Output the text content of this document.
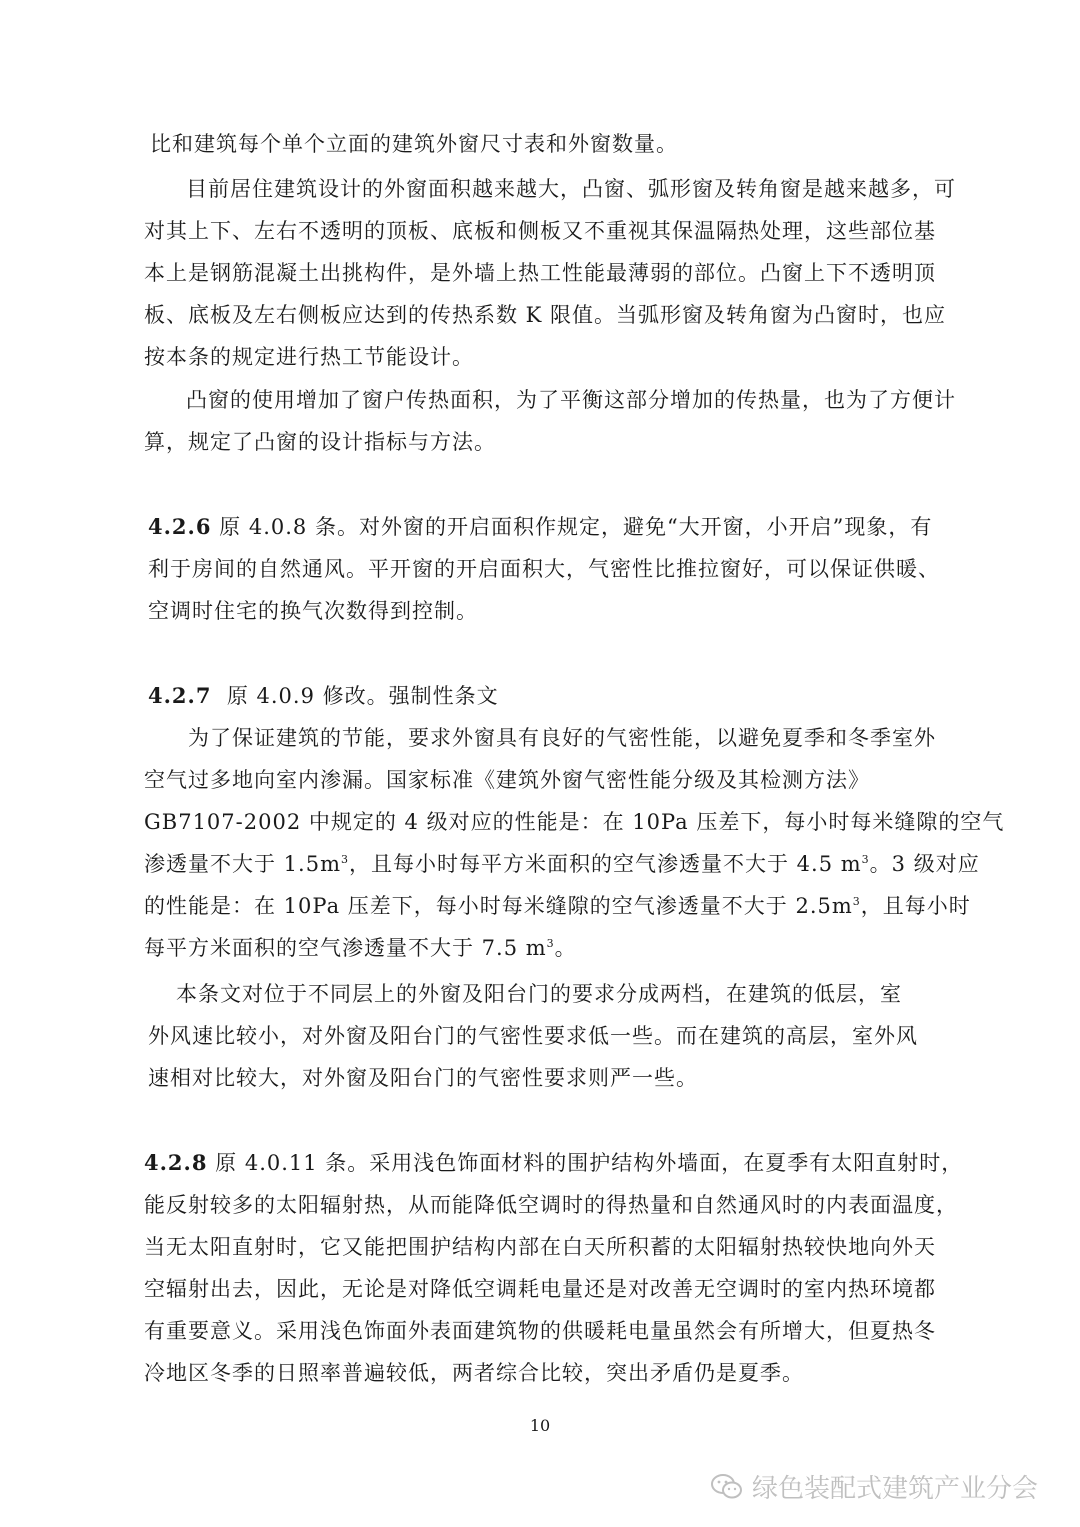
比和建筑每个单个立面的建筑外窗尺寸表和外窗数量。
目前居住建筑设计的外窗面积越来越大，凸窗、弧形窗及转角窗是越来越多，可
对其上下、左右不透明的顶板、底板和侧板又不重视其保温隔热处理，这些部位基
本上是钢筋混凝土出挑构件，是外墙上热工性能最薄弱的部位。凸窗上下不透明顶
板、底板及左右侧板应达到的传热系数 K 限值。当弧形窗及转角窗为凸窗时，也应
按本条的规定进行热工节能设计。
凸窗的使用增加了窗户传热面积，为了平衡这部分增加的传热量，也为了方便计
算，规定了凸窗的设计指标与方法。
4.2.6 原 4.0.8 条。对外窗的开启面积作规定，避免“大开窗，小开启”现象，有
利于房间的自然通风。平开窗的开启面积大，气密性比推拉窗好，可以保证供暖、
空调时住宅的换气次数得到控制。
4.2.7 原 4.0.9 修改。强制性条文
为了保证建筑的节能，要求外窗具有良好的气密性能，以避免夏季和冬季室外
空气过多地向室内渗漏。国家标准《建筑外窗气密性能分级及其检测方法》
GB7107-2002 中规定的 4 级对应的性能是：在 10Pa 压差下，每小时每米缝隙的空气
渗透量不大于 $1.5m^3$，且每小时每平方米面积的空气渗透量不大于 4.5 $m^3$。3 级对应
的性能是：在 10Pa 压差下，每小时每米缝隙的空气渗透量不大于 $2.5m^3$，且每小时
每平方米面积的空气渗透量不大于 7.5 $m^3$。
本条文对位于不同层上的外窗及阳台门的要求分成两档，在建筑的低层，室
外风速比较小，对外窗及阳台门的气密性要求低一些。而在建筑的高层，室外风
速相对比较大，对外窗及阳台门的气密性要求则严一些。
4.2.8 原 4.0.11 条。采用浅色饰面材料的围护结构外墙面，在夏季有太阳直射时，
能反射较多的太阳辐射热，从而能降低空调时的得热量和自然通风时的内表面温度，
当无太阳直射时，它又能把围护结构内部在白天所积蓄的太阳辐射热较快地向外天
空辐射出去，因此，无论是对降低空调耗电量还是对改善无空调时的室内热环境都
有重要意义。采用浅色饰面外表面建筑物的供暖耗电量虽然会有所增大，但夏热冬
冷地区冬季的日照率普遍较低，两者综合比较，突出矛盾仍是夏季。
10
绿色装配式建筑产业分会
